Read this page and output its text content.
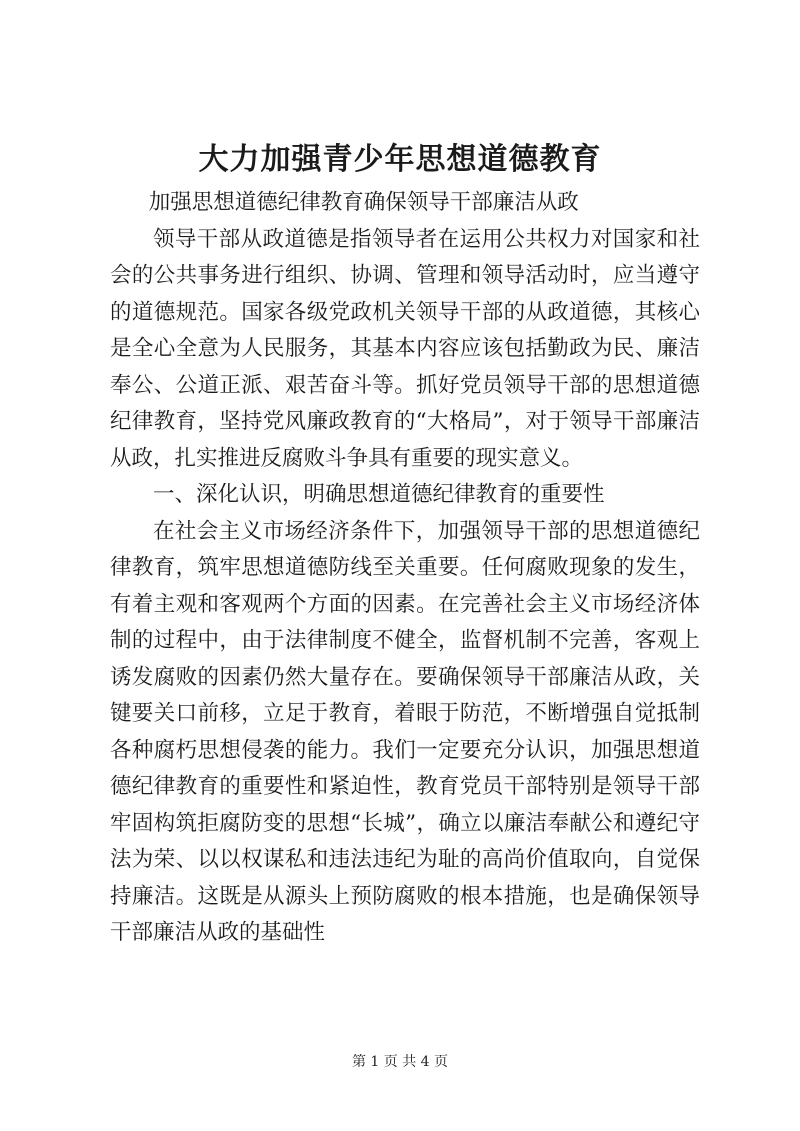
大力加强青少年思想道德教育

加强思想道德纪律教育确保领导干部廉洁从政

领导干部从政道德是指领导者在运用公共权力对国家和社会的公共事务进行组织、协调、管理和领导活动时，应当遵守的道德规范。国家各级党政机关领导干部的从政道德，其核心是全心全意为人民服务，其基本内容应该包括勤政为民、廉洁奉公、公道正派、艰苦奋斗等。抓好党员领导干部的思想道德纪律教育，坚持党风廉政教育的“大格局”，对于领导干部廉洁从政，扎实推进反腐败斗争具有重要的现实意义。

一、深化认识，明确思想道德纪律教育的重要性

在社会主义市场经济条件下，加强领导干部的思想道德纪律教育，筑牢思想道德防线至关重要。任何腐败现象的发生，有着主观和客观两个方面的因素。在完善社会主义市场经济体制的过程中，由于法律制度不健全，监督机制不完善，客观上诱发腐败的因素仍然大量存在。要确保领导干部廉洁从政，关键要关口前移，立足于教育，着眼于防范，不断增强自觉抵制各种腐朽思想侵袭的能力。我们一定要充分认识，加强思想道德纪律教育的重要性和紧迫性，教育党员干部特别是领导干部牢固构筑拒腐防变的思想“长城”，确立以廉洁奉献公和遵纪守法为荣、以以权谋私和违法违纪为耻的高尚价值取向，自觉保持廉洁。这既是从源头上预防腐败的根本措施，也是确保领导干部廉洁从政的基础性

第 1 页 共 4 页
